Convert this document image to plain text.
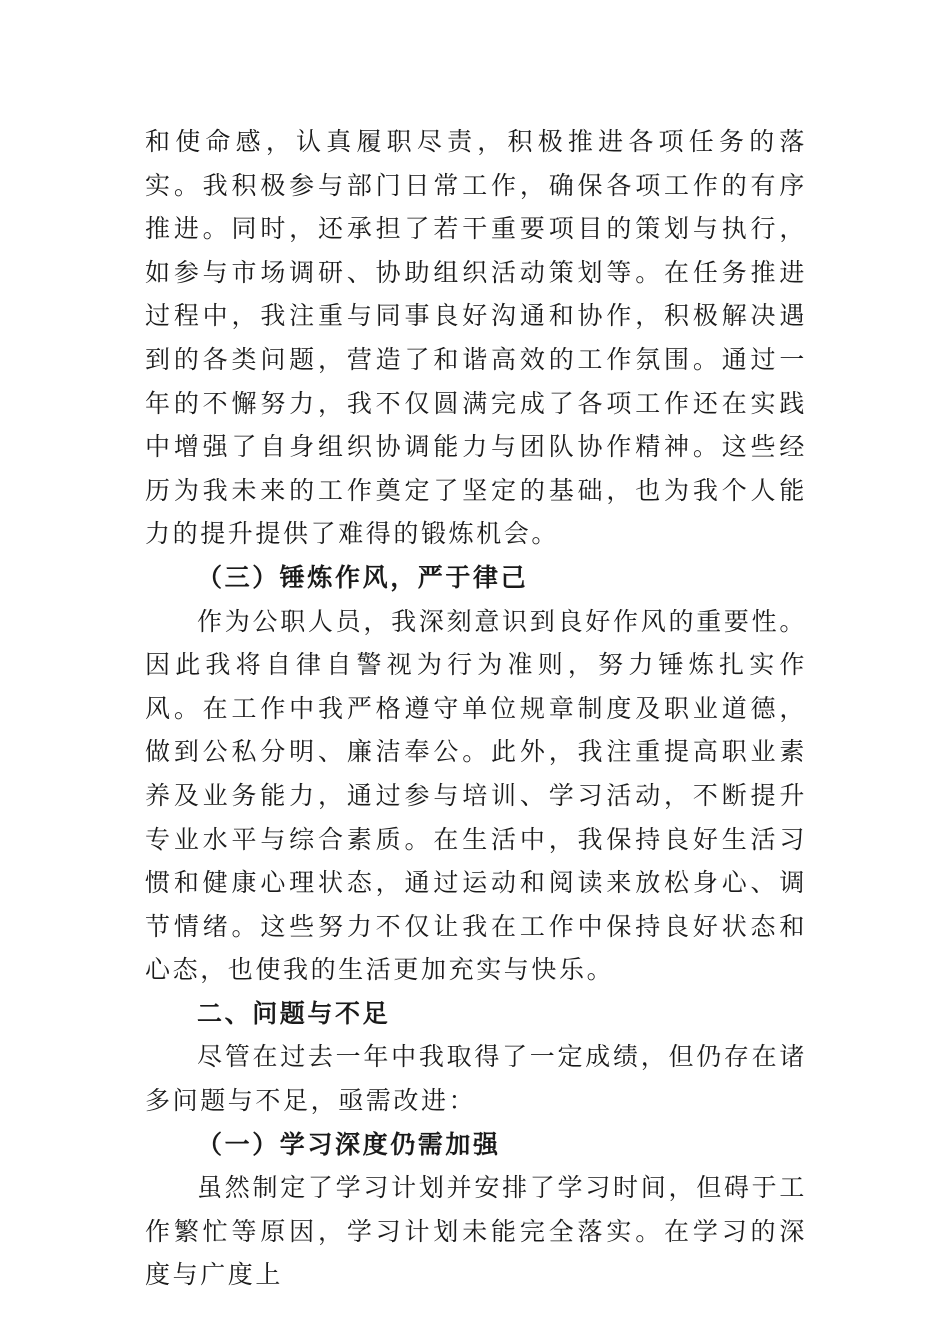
和使命感，认真履职尽责，积极推进各项任务的落实。我积极参与部门日常工作，确保各项工作的有序推进。同时，还承担了若干重要项目的策划与执行，如参与市场调研、协助组织活动策划等。在任务推进过程中，我注重与同事良好沟通和协作，积极解决遇到的各类问题，营造了和谐高效的工作氛围。通过一年的不懈努力，我不仅圆满完成了各项工作还在实践中增强了自身组织协调能力与团队协作精神。这些经历为我未来的工作奠定了坚定的基础，也为我个人能力的提升提供了难得的锻炼机会。

（三）锤炼作风，严于律己

作为公职人员，我深刻意识到良好作风的重要性。因此我将自律自警视为行为准则，努力锤炼扎实作风。在工作中我严格遵守单位规章制度及职业道德，做到公私分明、廉洁奉公。此外，我注重提高职业素养及业务能力，通过参与培训、学习活动，不断提升专业水平与综合素质。在生活中，我保持良好生活习惯和健康心理状态，通过运动和阅读来放松身心、调节情绪。这些努力不仅让我在工作中保持良好状态和心态，也使我的生活更加充实与快乐。

二、问题与不足

尽管在过去一年中我取得了一定成绩，但仍存在诸多问题与不足，亟需改进：

（一）学习深度仍需加强

虽然制定了学习计划并安排了学习时间，但碍于工作繁忙等原因，学习计划未能完全落实。在学习的深度与广度上
